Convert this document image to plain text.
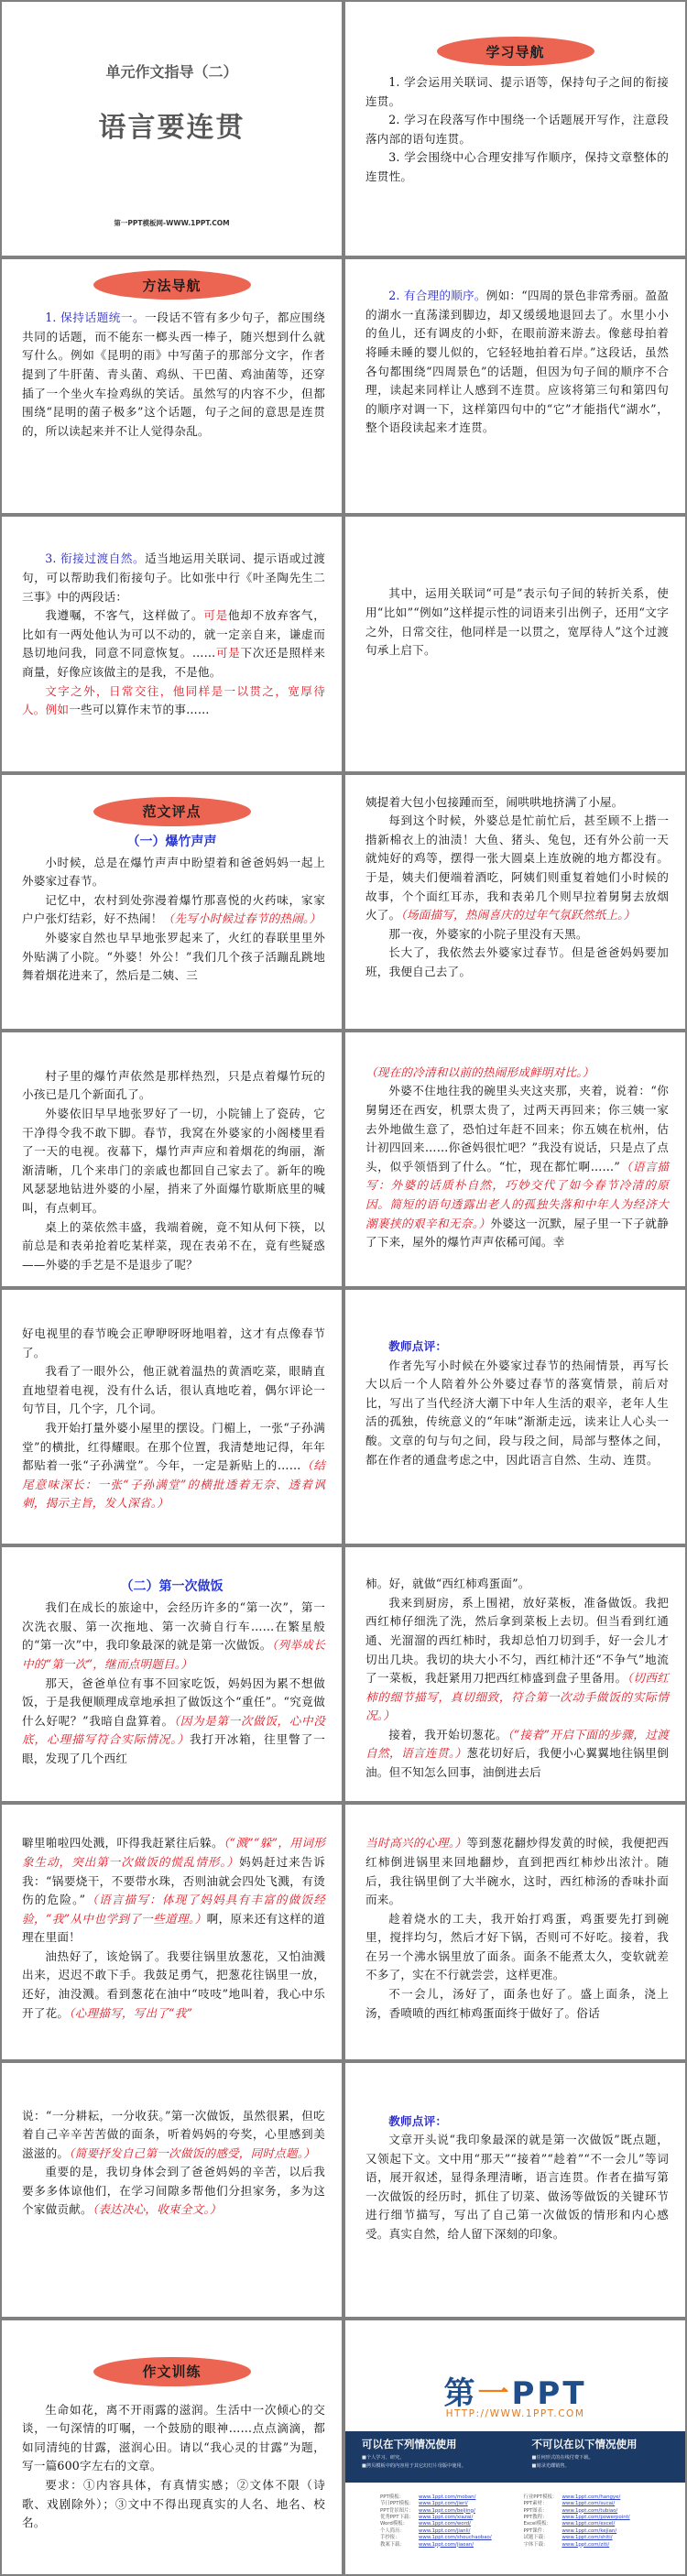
单元作文指导（二）
语言要连贯
第一PPT模板网-WWW.1PPT.COM
学习导航
1. 学会运用关联词、提示语等，保持句子之间的衔接连贯。
2. 学习在段落写作中围绕一个话题展开写作，注意段落内部的语句连贯。
3. 学会围绕中心合理安排写作顺序，保持文章整体的连贯性。
方法导航
1. 保持话题统一。一段话不管有多少句子，都应围绕共同的话题，而不能东一榔头西一棒子，随兴想到什么就写什么。例如《昆明的雨》中写菌子的那部分文字，作者提到了牛肝菌、青头菌、鸡纵、干巴菌、鸡油菌等，还穿插了一个坐火车捡鸡纵的笑话。虽然写的内容不少，但都围绕“昆明的菌子极多”这个话题，句子之间的意思是连贯的，所以读起来并不让人觉得杂乱。
2. 有合理的顺序。例如：“四周的景色非常秀丽。盈盈的湖水一直荡漾到脚边，却又缓缓地退回去了。水里小小的鱼儿，还有调皮的小虾，在眼前游来游去。像慈母拍着将睡未睡的婴儿似的，它轻轻地拍着石岸。”这段话，虽然各句都围绕“四周景色”的话题，但因为句子间的顺序不合理，读起来同样让人感到不连贯。应该将第三句和第四句的顺序对调一下，这样第四句中的“它”才能指代“湖水”，整个语段读起来才连贯。
3. 衔接过渡自然。适当地运用关联词、提示语或过渡句，可以帮助我们衔接句子。比如张中行《叶圣陶先生二三事》中的两段话：
我遵嘱，不客气，这样做了。可是他却不放弃客气，比如有一两处他认为可以不动的，就一定亲自来，谦虚而恳切地问我，同意不同意恢复。……可是下次还是照样来商量，好像应该做主的是我，不是他。
文字之外，日常交往，他同样是一以贯之，宽厚待人。例如一些可以算作末节的事……
其中，运用关联词“可是”表示句子间的转折关系，使用“比如”“例如”这样提示性的词语来引出例子，还用“文字之外，日常交往，他同样是一以贯之，宽厚待人”这个过渡句承上启下。
范文评点
（一）爆竹声声
小时候，总是在爆竹声声中盼望着和爸爸妈妈一起上外婆家过春节。
记忆中，农村到处弥漫着爆竹那喜悦的火药味，家家户户张灯结彩，好不热闹！（先写小时候过春节的热闹。）
外婆家自然也早早地张罗起来了，火红的春联里里外外贴满了小院。“外婆！外公！”我们几个孩子活蹦乱跳地舞着烟花进来了，然后是二姨、三
姨提着大包小包接踵而至，闹哄哄地挤满了小屋。
每到这个时候，外婆总是忙前忙后，甚至顾不上揩一揩新棉衣上的油渍！大鱼、猪头、兔包，还有外公前一天就炖好的鸡等，摆得一张大圆桌上连放碗的地方都没有。于是，姨夫们便端着酒吃，阿姨们则重复着她们小时候的故事，个个面红耳赤，我和表弟几个则早拉着舅舅去放烟火了。（场面描写，热闹喜庆的过年气氛跃然纸上。）
那一夜，外婆家的小院子里没有天黑。
长大了，我依然去外婆家过春节。但是爸爸妈妈要加班，我便自己去了。
村子里的爆竹声依然是那样热烈，只是点着爆竹玩的小孩已是几个新面孔了。
外婆依旧早早地张罗好了一切，小院铺上了瓷砖，它干净得令我不敢下脚。春节，我窝在外婆家的小阁楼里看了一天的电视。夜幕下，爆竹声声应和着烟花的绚丽，渐渐清晰，几个来串门的亲戚也都回自己家去了。新年的晚风瑟瑟地钻进外婆的小屋，捎来了外面爆竹歇斯底里的喊叫，有点刺耳。
桌上的菜依然丰盛，我端着碗，竟不知从何下筷，以前总是和表弟抢着吃某样菜，现在表弟不在，竟有些疑惑——外婆的手艺是不是退步了呢？
（现在的冷清和以前的热闹形成鲜明对比。）
外婆不住地往我的碗里头夹这夹那，夹着，说着：“你舅舅还在西安，机票太贵了，过两天再回来；你三姨一家去外地做生意了，恐怕过年赶不回来；你五姨在杭州，估计初四回来……你爸妈很忙吧？”我没有说话，只是点了点头，似乎领悟到了什么。“忙，现在都忙啊……”（语言描写：外婆的话质朴自然，巧妙交代了如今春节冷清的原因。简短的语句透露出老人的孤独失落和中年人为经济大潮裹挟的艰辛和无奈。）外婆这一沉默，屋子里一下子就静了下来，屋外的爆竹声声依稀可闻。幸
好电视里的春节晚会正咿咿呀呀地唱着，这才有点像春节了。
我看了一眼外公，他正就着温热的黄酒吃菜，眼睛直直地望着电视，没有什么话，很认真地吃着，偶尔评论一句节目，几个字，几个词。
我开始打量外婆小屋里的摆设。门楣上，一张“子孙满堂”的横批，红得耀眼。在那个位置，我清楚地记得，年年都贴着一张“子孙满堂”。今年，一定是新贴上的……（结尾意味深长：一张“子孙满堂”的横批透着无奈、透着讽刺，揭示主旨，发人深省。）
教师点评：
作者先写小时候在外婆家过春节的热闹情景，再写长大以后一个人陪着外公外婆过春节的落寞情景，前后对比，写出了当代经济大潮下中年人生活的艰辛，老年人生活的孤独，传统意义的“年味”渐渐走远，读来让人心头一酸。文章的句与句之间，段与段之间，局部与整体之间，都在作者的通盘考虑之中，因此语言自然、生动、连贯。
（二）第一次做饭
我们在成长的旅途中，会经历许多的“第一次”，第一次洗衣服、第一次拖地、第一次骑自行车……在繁星般的“第一次”中，我印象最深的就是第一次做饭。（列举成长中的“第一次”，继而点明题目。）
那天，爸爸单位有事不回家吃饭，妈妈因为累不想做饭，于是我便顺理成章地承担了做饭这个“重任”。“究竟做什么好呢？”我暗自盘算着。（因为是第一次做饭，心中没底，心理描写符合实际情况。）我打开冰箱，往里瞥了一眼，发现了几个西红
柿。好，就做“西红柿鸡蛋面”。
我来到厨房，系上围裙，放好菜板，准备做饭。我把西红柿仔细洗了洗，然后拿到菜板上去切。但当看到红通通、光溜溜的西红柿时，我却总怕刀切到手，好一会儿才切出几块。我切的块大小不匀，西红柿汁还“不争气”地流了一菜板，我赶紧用刀把西红柿盛到盘子里备用。（切西红柿的细节描写，真切细致，符合第一次动手做饭的实际情况。）
接着，我开始切葱花。（“接着”开启下面的步骤，过渡自然，语言连贯。）葱花切好后，我便小心翼翼地往锅里倒油。但不知怎么回事，油倒进去后
噼里啪啦四处溅，吓得我赶紧往后躲。（“溅”“躲”，用词形象生动，突出第一次做饭的慌乱情形。）妈妈赶过来告诉我：“锅要烧干，不要带水珠，否则油就会四处飞溅，有烫伤的危险。”（语言描写：体现了妈妈具有丰富的做饭经验，“我”从中也学到了一些道理。）啊，原来还有这样的道理在里面！
油热好了，该炝锅了。我要往锅里放葱花，又怕油溅出来，迟迟不敢下手。我鼓足勇气，把葱花往锅里一放，还好，油没溅。看到葱花在油中“吱吱”地叫着，我心中乐开了花。（心理描写，写出了“我”
当时高兴的心理。）等到葱花翻炒得发黄的时候，我便把西红柿倒进锅里来回地翻炒，直到把西红柿炒出浓汁。随后，我往锅里倒了大半碗水，这时，西红柿汤的香味扑面而来。
趁着烧水的工夫，我开始打鸡蛋，鸡蛋要先打到碗里，搅拌均匀，然后才好下锅，否则可不好吃。接着，我在另一个沸水锅里放了面条。面条不能煮太久，变软就差不多了，实在不行就尝尝，这样更准。
不一会儿，汤好了，面条也好了。盛上面条，浇上汤，香喷喷的西红柿鸡蛋面终于做好了。俗话
说：“一分耕耘，一分收获。”第一次做饭，虽然很累，但吃着自己辛辛苦苦做的面条，听着妈妈的夸奖，心里感到美滋滋的。（简要抒发自己第一次做饭的感受，同时点题。）
重要的是，我切身体会到了爸爸妈妈的辛苦，以后我要多多体谅他们，在学习间隙多帮他们分担家务，多为这个家做贡献。（表达决心，收束全文。）
教师点评：
文章开头说“我印象最深的就是第一次做饭”既点题，又领起下文。文中用“那天”“接着”“趁着”“不一会儿”等词语，展开叙述，显得条理清晰，语言连贯。作者在描写第一次做饭的经历时，抓住了切菜、做汤等做饭的关键环节进行细节描写，写出了自己第一次做饭的情形和内心感受。真实自然，给人留下深刻的印象。
作文训练
生命如花，离不开雨露的滋润。生活中一次倾心的交谈，一句深情的叮嘱，一个鼓励的眼神……点点滴滴，都如同清纯的甘露，滋润心田。请以“我心灵的甘露”为题，写一篇600字左右的文章。
要求：①内容具体，有真情实感；②文体不限（诗歌、戏剧除外）；③文中不得出现真实的人名、地名、校名。
第一PPT
HTTP://WWW.1PPT.COM
可以在下列情况使用
■个人学习、研究。
■拷贝模板中的内容用于其它幻灯片母版中使用。
不可以在以下情况使用
■任何形式的在线付费下载。
■刻录光碟销售。
PPT模板：	www.1ppt.com/moban/
节日PPT模板： www.1ppt.com/jieri/
PPT背景图片： www.1ppt.com/beijing/
优秀PPT下载： www.1ppt.com/xiazai/
Word模板：	www.1ppt.com/word/
个人简历：	www.1ppt.com/jianli/
手抄报：	www.1ppt.com/shouchaobao/
教案下载：	www.1ppt.com/jiaoan/
行业PPT模板： www.1ppt.com/hangye/
PPT素材：	www.1ppt.com/sucai/
PPT图表：	www.1ppt.com/tubiao/
PPT教程：	www.1ppt.com/powerpoint/
Excel模板：	www.1ppt.com/excel/
PPT课件：	www.1ppt.com/kejian/
试题下载：	www.1ppt.com/shiti/
字体下载：	www.1ppt.com/ziti/
